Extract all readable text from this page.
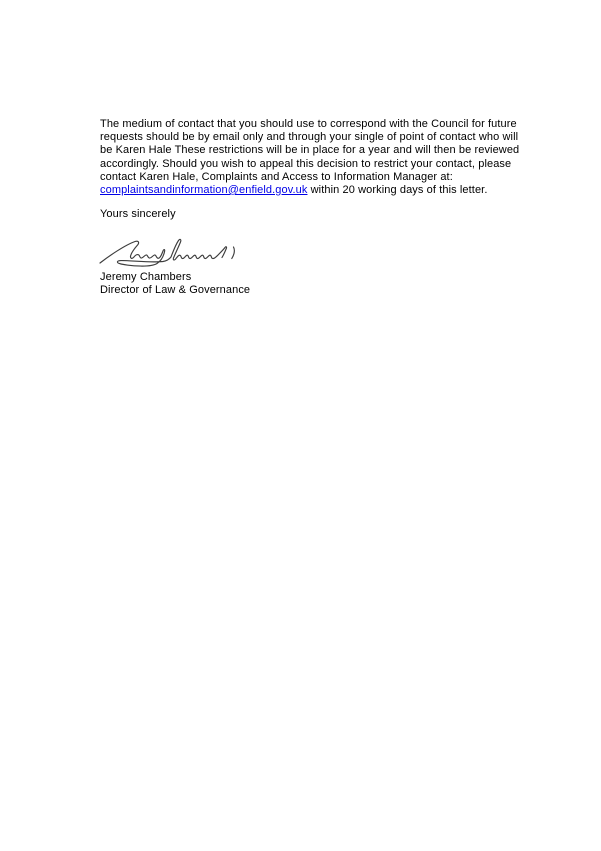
The medium of contact that you should use to correspond with the Council for future
requests should be by email only and through your single of point of contact who will
be Karen Hale These restrictions will be in place for a year and will then be reviewed
accordingly. Should you wish to appeal this decision to restrict your contact, please
contact Karen Hale, Complaints and Access to Information Manager at:
complaintsandinformation@enfield.gov.uk within 20 working days of this letter.
Yours sincerely
Jeremy Chambers
Director of Law & Governance
